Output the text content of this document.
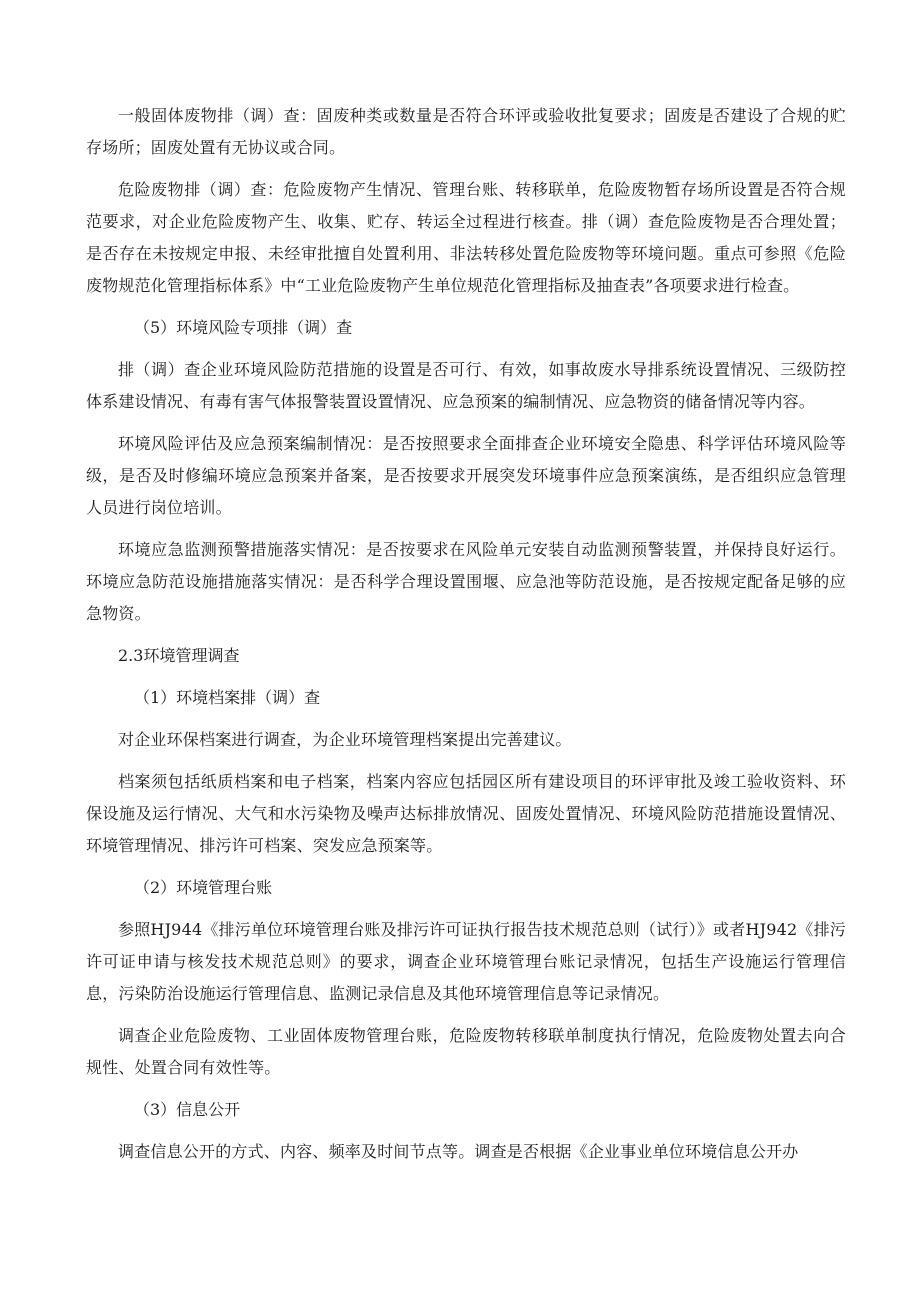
一般固体废物排（调）查：固废种类或数量是否符合环评或验收批复要求；固废是否建设了合规的贮存场所；固废处置有无协议或合同。

危险废物排（调）查：危险废物产生情况、管理台账、转移联单，危险废物暂存场所设置是否符合规范要求，对企业危险废物产生、收集、贮存、转运全过程进行核查。排（调）查危险废物是否合理处置；是否存在未按规定申报、未经审批擅自处置利用、非法转移处置危险废物等环境问题。重点可参照《危险废物规范化管理指标体系》中“工业危险废物产生单位规范化管理指标及抽查表”各项要求进行检查。

（5）环境风险专项排（调）查

排（调）查企业环境风险防范措施的设置是否可行、有效，如事故废水导排系统设置情况、三级防控体系建设情况、有毒有害气体报警装置设置情况、应急预案的编制情况、应急物资的储备情况等内容。

环境风险评估及应急预案编制情况：是否按照要求全面排查企业环境安全隐患、科学评估环境风险等级，是否及时修编环境应急预案并备案，是否按要求开展突发环境事件应急预案演练，是否组织应急管理人员进行岗位培训。

环境应急监测预警措施落实情况：是否按要求在风险单元安装自动监测预警装置，并保持良好运行。环境应急防范设施措施落实情况：是否科学合理设置围堰、应急池等防范设施，是否按规定配备足够的应急物资。

2.3环境管理调查

（1）环境档案排（调）查

对企业环保档案进行调查，为企业环境管理档案提出完善建议。

档案须包括纸质档案和电子档案，档案内容应包括园区所有建设项目的环评审批及竣工验收资料、环保设施及运行情况、大气和水污染物及噪声达标排放情况、固废处置情况、环境风险防范措施设置情况、环境管理情况、排污许可档案、突发应急预案等。

（2）环境管理台账

参照HJ944《排污单位环境管理台账及排污许可证执行报告技术规范总则（试行）》或者HJ942《排污许可证申请与核发技术规范总则》的要求，调查企业环境管理台账记录情况，包括生产设施运行管理信息，污染防治设施运行管理信息、监测记录信息及其他环境管理信息等记录情况。

调查企业危险废物、工业固体废物管理台账，危险废物转移联单制度执行情况，危险废物处置去向合规性、处置合同有效性等。

（3）信息公开

调查信息公开的方式、内容、频率及时间节点等。调查是否根据《企业事业单位环境信息公开办
